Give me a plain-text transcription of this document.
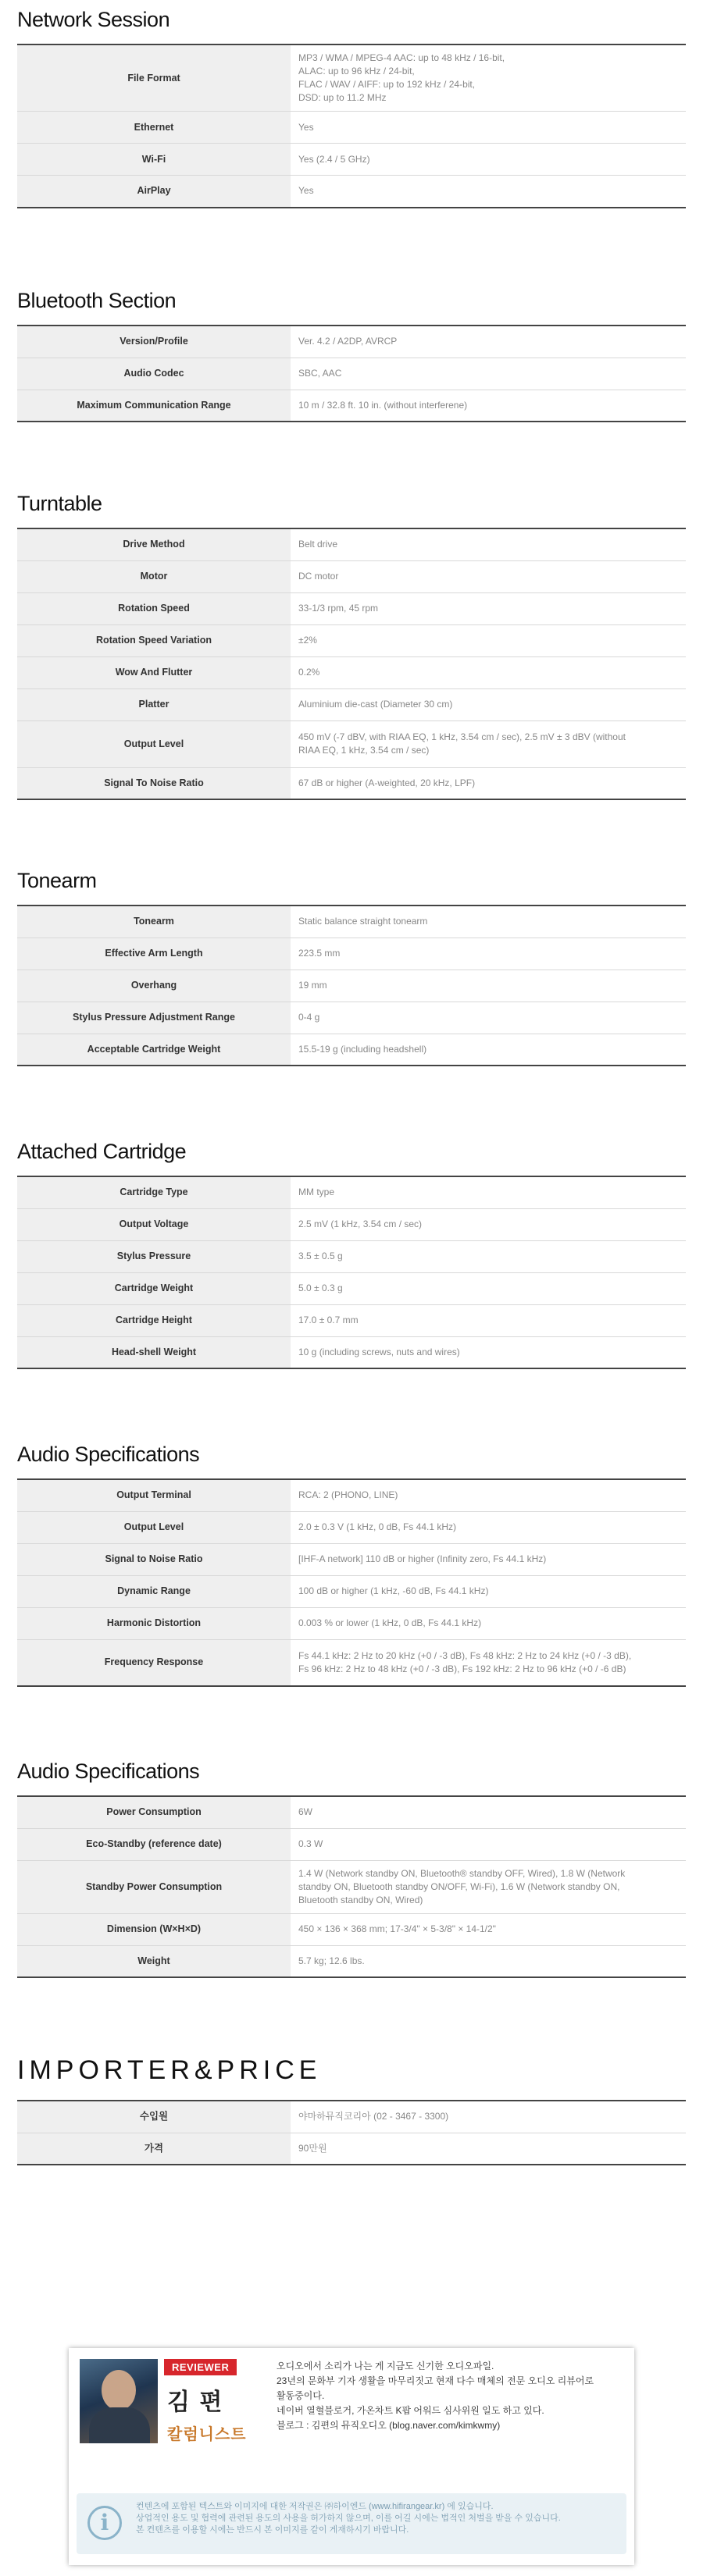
Network Session
File Format	MP3 / WMA / MPEG-4 AAC: up to 48 kHz / 16-bit,
ALAC: up to 96 kHz / 24-bit,
FLAC / WAV / AIFF: up to 192 kHz / 24-bit,
DSD: up to 11.2 MHz

Ethernet	Yes

Wi-Fi	Yes (2.4 / 5 GHz)

AirPlay	Yes
Bluetooth Section
Version/Profile	Ver. 4.2 / A2DP, AVRCP

Audio Codec	SBC, AAC

Maximum Communication Range	10 m / 32.8 ft. 10 in. (without interferene)
Turntable
Drive Method	Belt drive

Motor	DC motor

Rotation Speed	33-1/3 rpm, 45 rpm

Rotation Speed Variation	±2%

Wow And Flutter	0.2%

Platter	Aluminium die-cast (Diameter 30 cm)

Output Level	450 mV (-7 dBV, with RIAA EQ, 1 kHz, 3.54 cm / sec), 2.5 mV ± 3 dBV (without
RIAA EQ, 1 kHz, 3.54 cm / sec)

Signal To Noise Ratio	67 dB or higher (A-weighted, 20 kHz, LPF)
Tonearm
Tonearm	Static balance straight tonearm

Effective Arm Length	223.5 mm

Overhang	19 mm

Stylus Pressure Adjustment Range	0-4 g

Acceptable Cartridge Weight	15.5-19 g (including headshell)
Attached Cartridge
Cartridge Type	MM type

Output Voltage	2.5 mV (1 kHz, 3.54 cm / sec)

Stylus Pressure	3.5 ± 0.5 g

Cartridge Weight	5.0 ± 0.3 g

Cartridge Height	17.0 ± 0.7 mm

Head-shell Weight	10 g (including screws, nuts and wires)
Audio Specifications
Output Terminal	RCA: 2 (PHONO, LINE)

Output Level	2.0 ± 0.3 V (1 kHz, 0 dB, Fs 44.1 kHz)

Signal to Noise Ratio	[IHF-A network] 110 dB or higher (Infinity zero, Fs 44.1 kHz)

Dynamic Range	100 dB or higher (1 kHz, -60 dB, Fs 44.1 kHz)

Harmonic Distortion	0.003 % or lower (1 kHz, 0 dB, Fs 44.1 kHz)

Frequency Response	Fs 44.1 kHz: 2 Hz to 20 kHz (+0 / -3 dB), Fs 48 kHz: 2 Hz to 24 kHz (+0 / -3 dB),
Fs 96 kHz: 2 Hz to 48 kHz (+0 / -3 dB), Fs 192 kHz: 2 Hz to 96 kHz (+0 / -6 dB)
Audio Specifications
Power Consumption	6W

Eco-Standby (reference date)	0.3 W

Standby Power Consumption	1.4 W (Network standby ON, Bluetooth® standby OFF, Wired), 1.8 W (Network
standby ON, Bluetooth standby ON/OFF, Wi-Fi), 1.6 W (Network standby ON,
Bluetooth standby ON, Wired)

Dimension (W×H×D)	450 × 136 × 368 mm; 17-3/4" × 5-3/8" × 14-1/2"

Weight	5.7 kg; 12.6 lbs.
IMPORTER&PRICE
수입원	야마하뮤직코리아 (02 - 3467 - 3300)

가격	90만원
REVIEWER
김 편
칼럼니스트
오디오에서 소리가 나는 게 지금도 신기한 오디오파일.
23년의 문화부 기자 생활을 마무리짓고 현재 다수 매체의 전문 오디오 리뷰어로
활동중이다.
네이버 열혈블로거, 가온차트 K팝 어워드 심사위원 일도 하고 있다.
블로그 : 김편의 뮤직오디오 (blog.naver.com/kimkwmy)
i
컨텐츠에 포함된 텍스트와 이미지에 대한 저작권은 ㈜하이엔드 (www.hifirangear.kr) 에 있습니다.
상업적인 용도 및 협력에 관련된 용도의 사용을 허가하지 않으며, 이를 어길 시에는 법적인 처벌을 받을 수 있습니다.
본 컨텐츠를 이용할 시에는 반드시 본 이미지를 같이 게재하시기 바랍니다.
